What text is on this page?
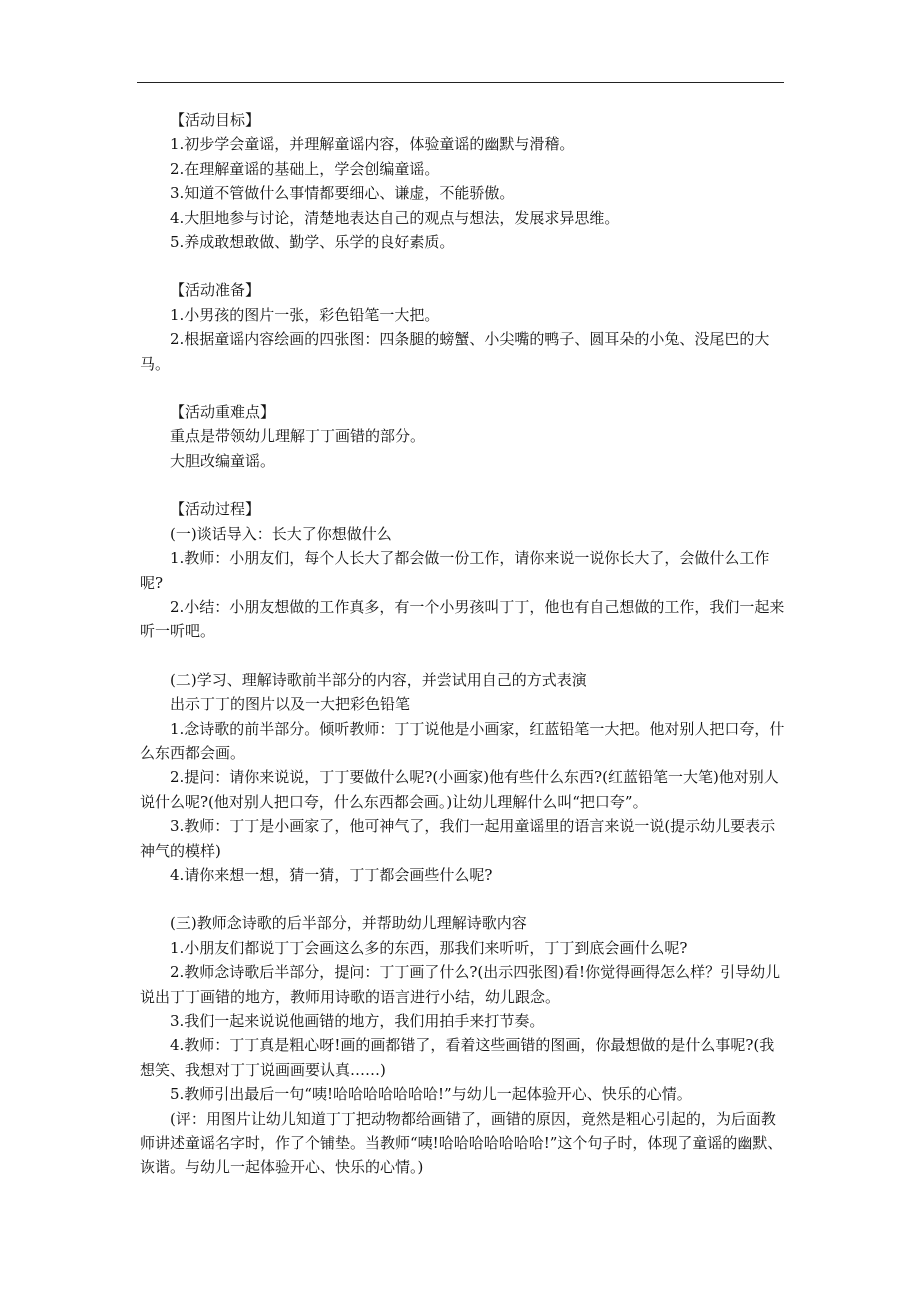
【活动目标】

1.初步学会童谣，并理解童谣内容，体验童谣的幽默与滑稽。

2.在理解童谣的基础上，学会创编童谣。

3.知道不管做什么事情都要细心、谦虚，不能骄傲。

4.大胆地参与讨论，清楚地表达自己的观点与想法，发展求异思维。

5.养成敢想敢做、勤学、乐学的良好素质。

【活动准备】

1.小男孩的图片一张，彩色铅笔一大把。

2.根据童谣内容绘画的四张图：四条腿的螃蟹、小尖嘴的鸭子、圆耳朵的小兔、没尾巴的大马。

【活动重难点】

重点是带领幼儿理解丁丁画错的部分。

大胆改编童谣。

【活动过程】

(一)谈话导入：长大了你想做什么

1.教师：小朋友们，每个人长大了都会做一份工作，请你来说一说你长大了，会做什么工作呢?

2.小结：小朋友想做的工作真多，有一个小男孩叫丁丁，他也有自己想做的工作，我们一起来听一听吧。

(二)学习、理解诗歌前半部分的内容，并尝试用自己的方式表演

出示丁丁的图片以及一大把彩色铅笔

1.念诗歌的前半部分。倾听教师：丁丁说他是小画家，红蓝铅笔一大把。他对别人把口夸，什么东西都会画。

2.提问：请你来说说，丁丁要做什么呢?(小画家)他有些什么东西?(红蓝铅笔一大笔)他对别人说什么呢?(他对别人把口夸，什么东西都会画。)让幼儿理解什么叫“把口夸”。

3.教师：丁丁是小画家了，他可神气了，我们一起用童谣里的语言来说一说(提示幼儿要表示神气的模样)

4.请你来想一想，猜一猜，丁丁都会画些什么呢?

(三)教师念诗歌的后半部分，并帮助幼儿理解诗歌内容

1.小朋友们都说丁丁会画这么多的东西，那我们来听听，丁丁到底会画什么呢?

2.教师念诗歌后半部分，提问：丁丁画了什么?(出示四张图)看!你觉得画得怎么样？引导幼儿说出丁丁画错的地方，教师用诗歌的语言进行小结，幼儿跟念。

3.我们一起来说说他画错的地方，我们用拍手来打节奏。

4.教师：丁丁真是粗心呀!画的画都错了，看着这些画错的图画，你最想做的是什么事呢?(我想笑、我想对丁丁说画画要认真……)

5.教师引出最后一句“咦!哈哈哈哈哈哈哈!”与幼儿一起体验开心、快乐的心情。

(评：用图片让幼儿知道丁丁把动物都给画错了，画错的原因，竟然是粗心引起的，为后面教师讲述童谣名字时，作了个铺垫。当教师“咦!哈哈哈哈哈哈哈!”这个句子时，体现了童谣的幽默、诙谐。与幼儿一起体验开心、快乐的心情。)
